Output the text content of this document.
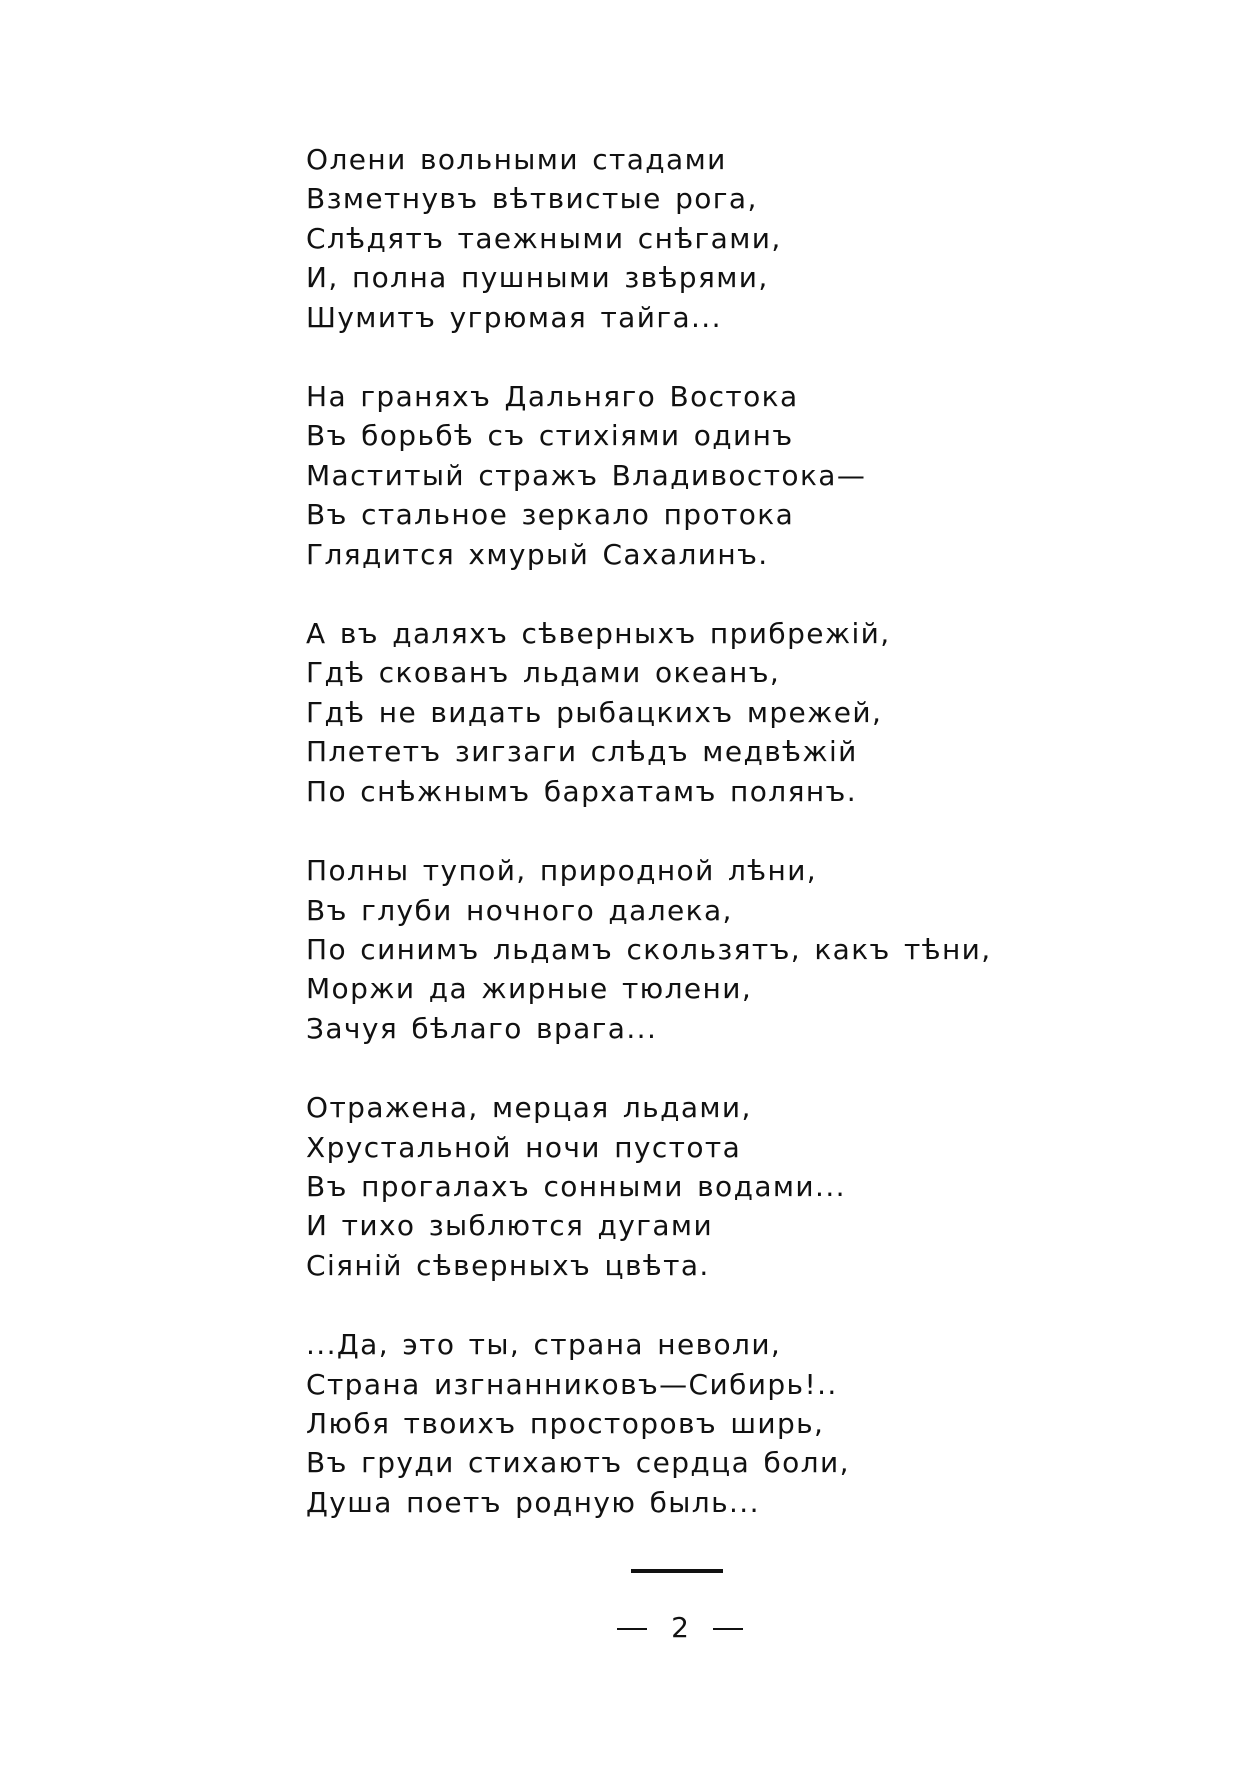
Олени вольными стадами
Взметнувъ вѣтвистые рога,
Слѣдятъ таежными снѣгами,
И, полна пушными звѣрями,
Шумитъ угрюмая тайга...
На граняхъ Дальняго Востока
Въ борьбѣ съ стихіями одинъ
Маститый стражъ Владивостока—
Въ стальное зеркало протока
Глядится хмурый Сахалинъ.
А въ даляхъ сѣверныхъ прибрежій,
Гдѣ скованъ льдами океанъ,
Гдѣ не видать рыбацкихъ мрежей,
Плететъ зигзаги слѣдъ медвѣжій
По снѣжнымъ бархатамъ полянъ.
Полны тупой, природной лѣни,
Въ глуби ночного далека,
По синимъ льдамъ скользятъ, какъ тѣни,
Моржи да жирные тюлени,
Зачуя бѣлаго врага...
Отражена, мерцая льдами,
Хрустальной ночи пустота
Въ прогалахъ сонными водами...
И тихо зыблются дугами
Сіяній сѣверныхъ цвѣта.
...Да, это ты, страна неволи,
Страна изгнанниковъ—Сибирь!..
Любя твоихъ просторовъ ширь,
Въ груди стихаютъ сердца боли,
Душа поетъ родную быль...
2
